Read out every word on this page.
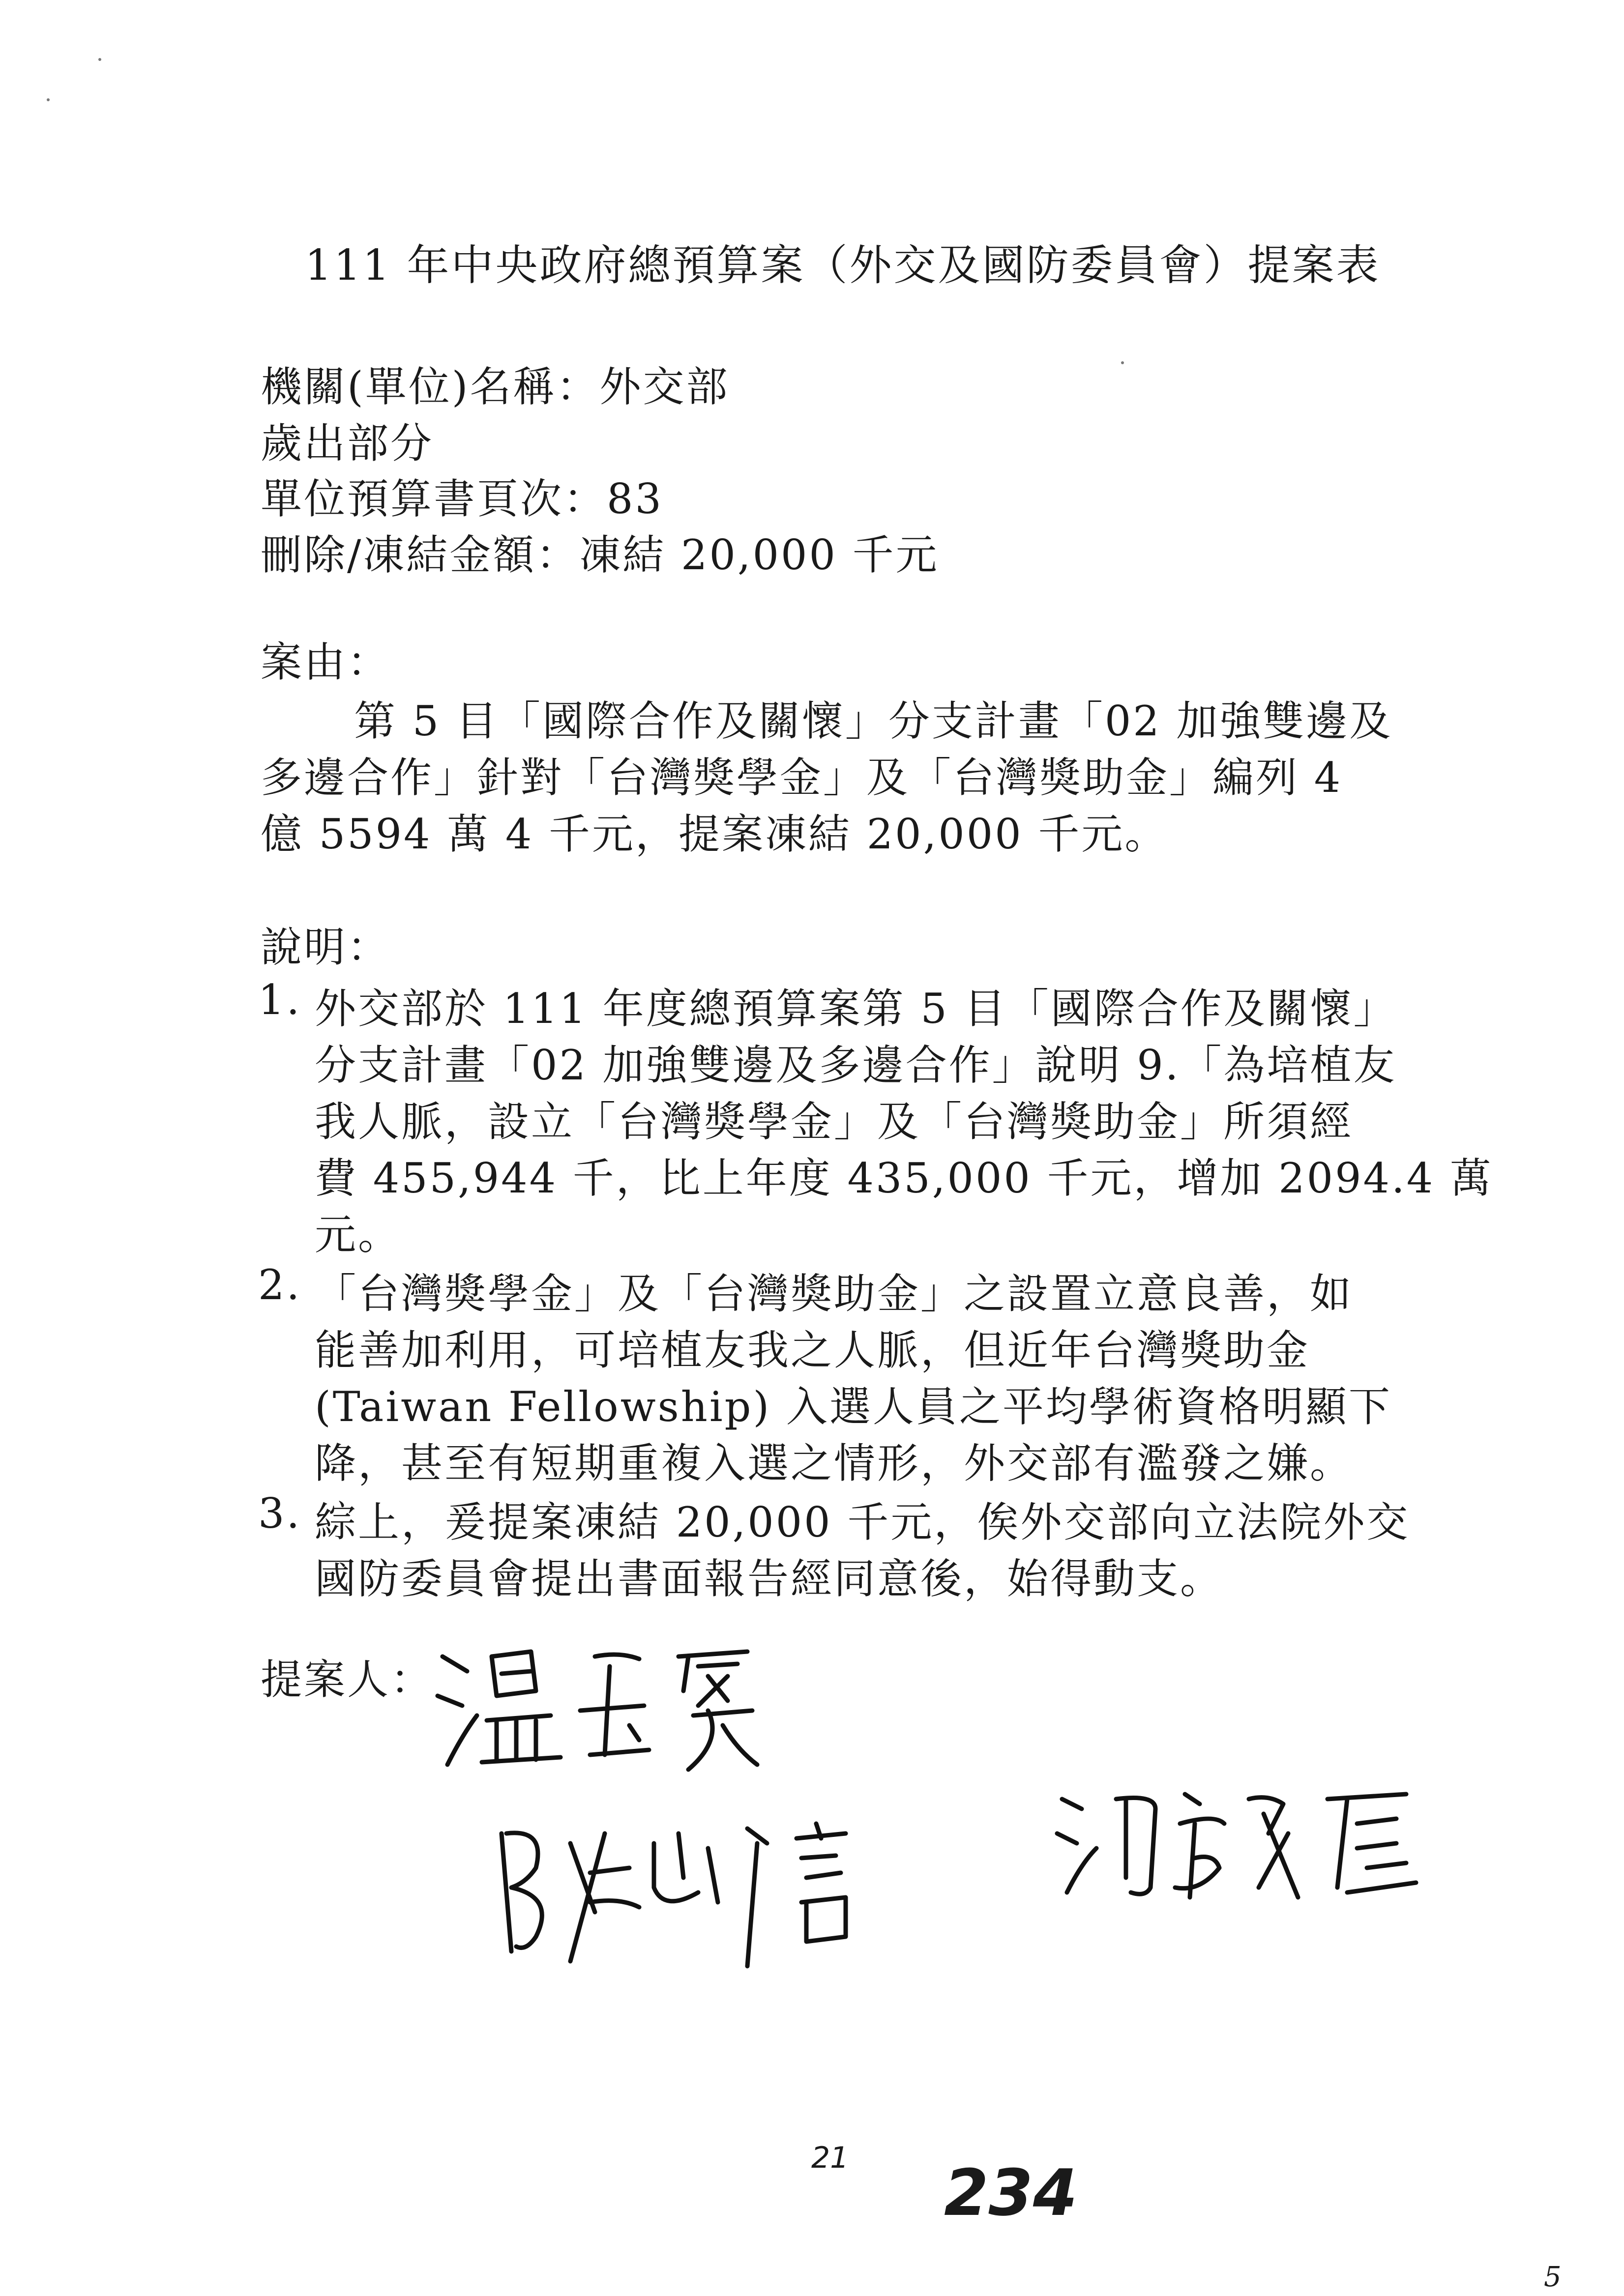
111 年中央政府總預算案（外交及國防委員會）提案表
機關(單位)名稱：外交部
歲出部分
單位預算書頁次：83
刪除/凍結金額：凍結 20,000 千元
案由：
第 5 目「國際合作及關懷」分支計畫「02 加強雙邊及
多邊合作」針對「台灣獎學金」及「台灣獎助金」編列 4
億 5594 萬 4 千元，提案凍結 20,000 千元。
說明：
1. 外交部於 111 年度總預算案第 5 目「國際合作及關懷」
分支計畫「02 加強雙邊及多邊合作」說明 9.「為培植友
我人脈，設立「台灣獎學金」及「台灣獎助金」所須經
費 455,944 千，比上年度 435,000 千元，增加 2094.4 萬
元。
2. 「台灣獎學金」及「台灣獎助金」之設置立意良善，如
能善加利用，可培植友我之人脈，但近年台灣獎助金
(Taiwan Fellowship) 入選人員之平均學術資格明顯下
降，甚至有短期重複入選之情形，外交部有濫發之嫌。
3. 綜上，爰提案凍結 20,000 千元，俟外交部向立法院外交
國防委員會提出書面報告經同意後，始得動支。
提案人：
21 234
5
